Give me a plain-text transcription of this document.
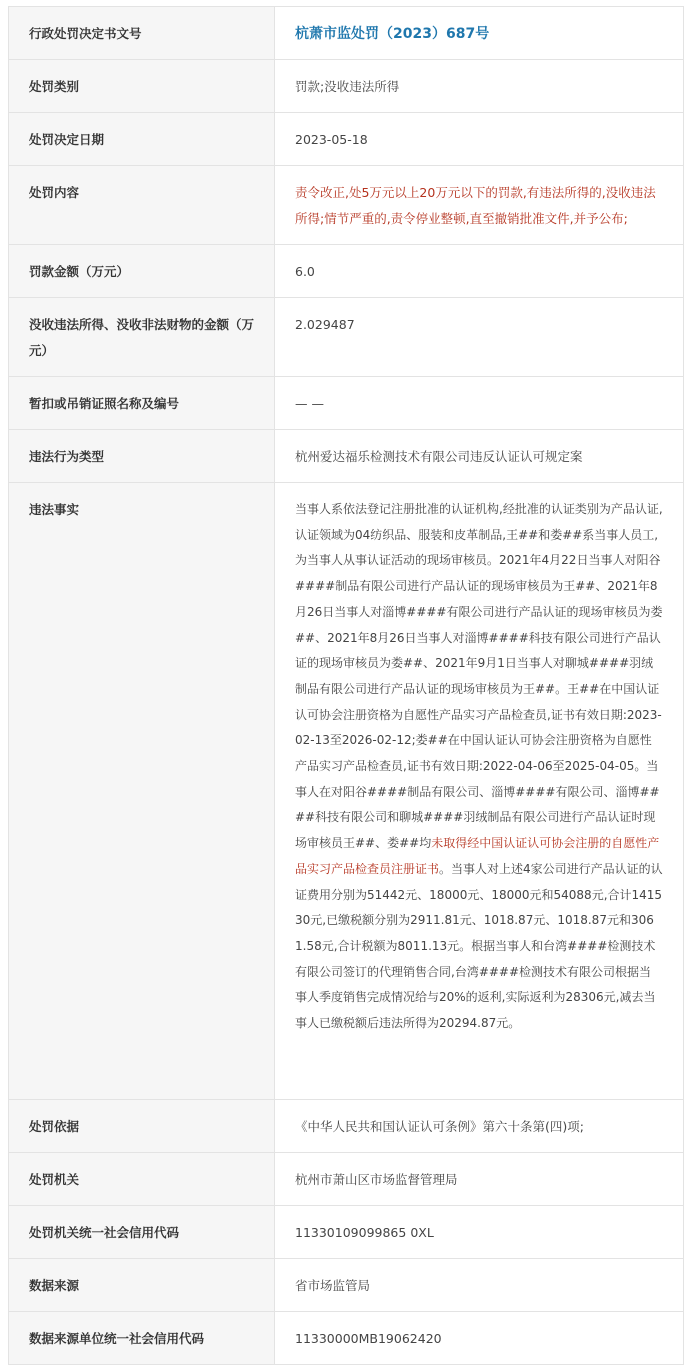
行政处罚决定书文号	杭萧市监处罚（2023）687号

处罚类别	罚款;没收违法所得

处罚决定日期	2023-05-18

处罚内容	责令改正,处5万元以上20万元以下的罚款,有违法所得的,没收违法所得;情节严重的,责令停业整顿,直至撤销批准文件,并予公布;

罚款金额（万元）	6.0

没收违法所得、没收非法财物的金额（万元）	2.029487

暂扣或吊销证照名称及编号	— —

违法行为类型	杭州爱达福乐检测技术有限公司违反认证认可规定案

违法事实	当事人系依法登记注册批准的认证机构,经批准的认证类别为产品认证,认证领域为04纺织品、服装和皮革制品,王##和娄##系当事人员工,为当事人从事认证活动的现场审核员。2021年4月22日当事人对阳谷####制品有限公司进行产品认证的现场审核员为王##、2021年8月26日当事人对淄博####有限公司进行产品认证的现场审核员为娄##、2021年8月26日当事人对淄博####科技有限公司进行产品认证的现场审核员为娄##、2021年9月1日当事人对聊城####羽绒制品有限公司进行产品认证的现场审核员为王##。王##在中国认证认可协会注册资格为自愿性产品实习产品检查员,证书有效日期:2023-02-13至2026-02-12;娄##在中国认证认可协会注册资格为自愿性产品实习产品检查员,证书有效日期:2022-04-06至2025-04-05。当事人在对阳谷####制品有限公司、淄博####有限公司、淄博####科技有限公司和聊城####羽绒制品有限公司进行产品认证时现场审核员王##、娄##均未取得经中国认证认可协会注册的自愿性产品实习产品检查员注册证书。当事人对上述4家公司进行产品认证的认证费用分别为51442元、18000元、18000元和54088元,合计141530元,已缴税额分别为2911.81元、1018.87元、1018.87元和3061.58元,合计税额为8011.13元。根据当事人和台湾####检测技术有限公司签订的代理销售合同,台湾####检测技术有限公司根据当事人季度销售完成情况给与20%的返利,实际返利为28306元,减去当事人已缴税额后违法所得为20294.87元。

处罚依据	《中华人民共和国认证认可条例》第六十条第(四)项;

处罚机关	杭州市萧山区市场监督管理局

处罚机关统一社会信用代码	11330109099865 0XL

数据来源	省市场监管局

数据来源单位统一社会信用代码	11330000MB19062420
